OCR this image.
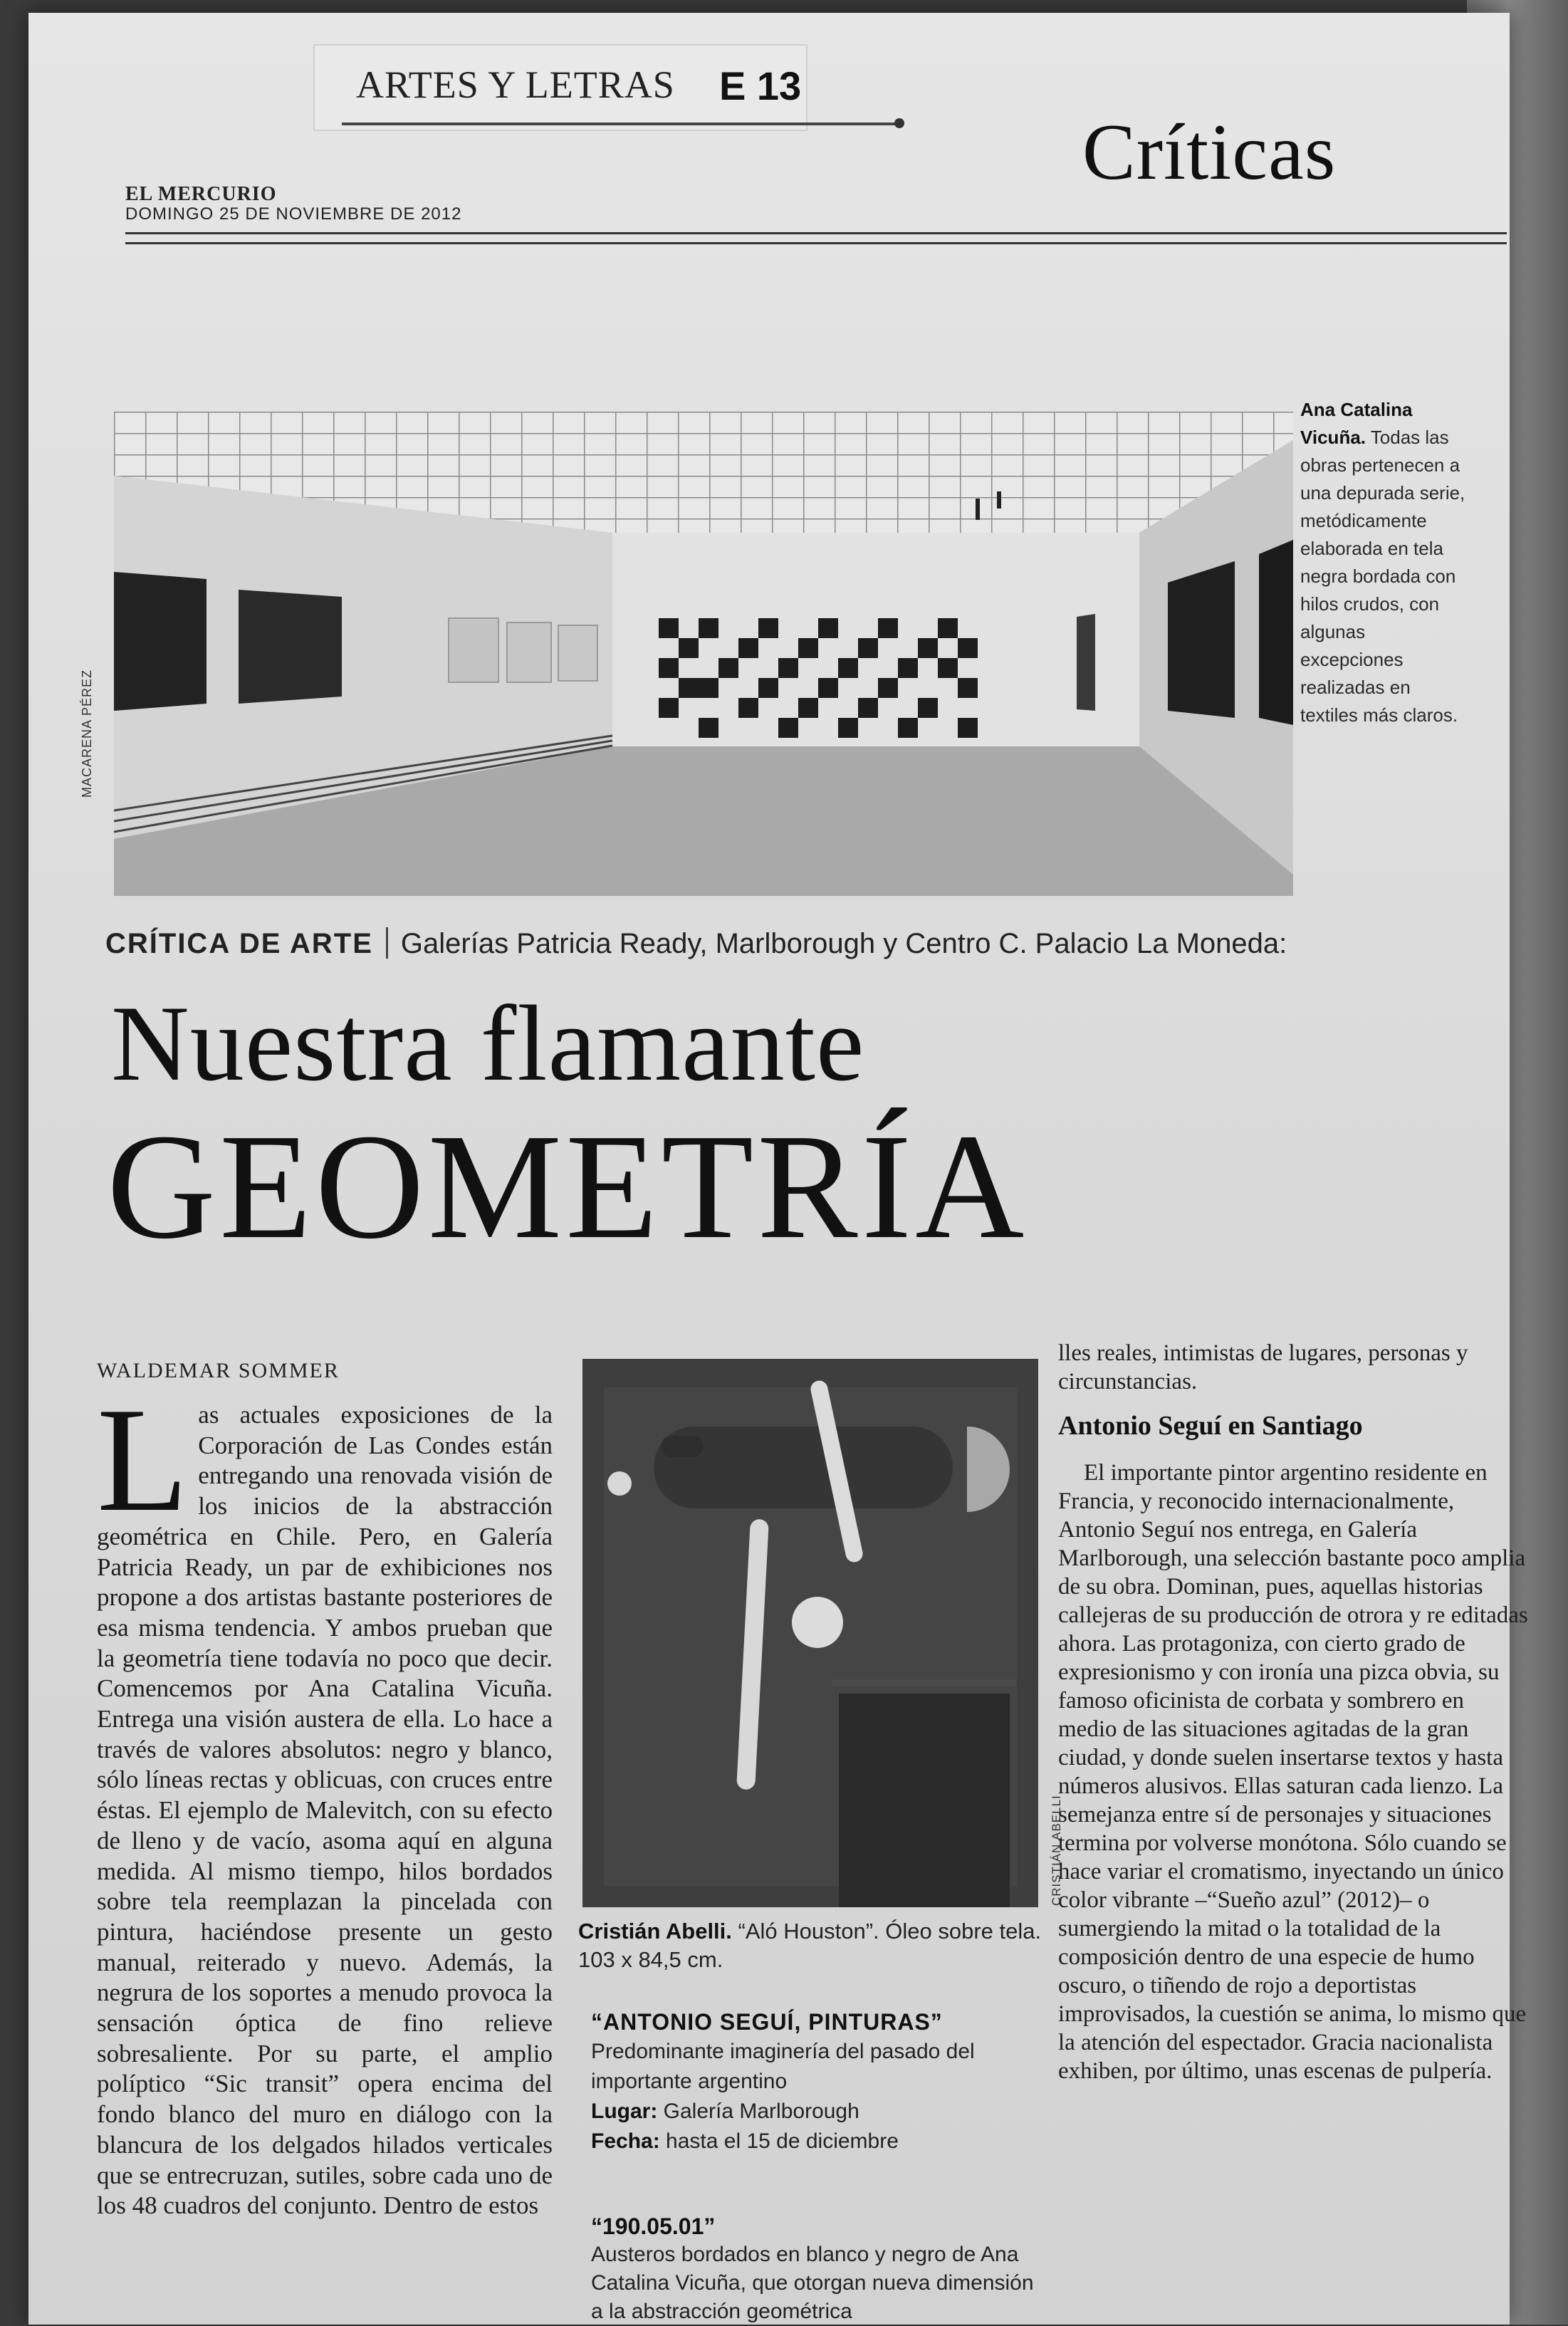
ARTES Y LETRAS E 13
Críticas
EL MERCURIO
DOMINGO 25 DE NOVIEMBRE DE 2012
MACARENA PÉREZ
Ana Catalina Vicuña. Todas las obras pertenecen a una depurada serie, metódicamente elaborada en tela negra bordada con hilos crudos, con algunas excepciones realizadas en textiles más claros.
CRÍTICA DE ARTE Galerías Patricia Ready, Marlborough y Centro C. Palacio La Moneda:
Nuestra flamante
GEOMETRÍA
WALDEMAR SOMMER
Las actuales exposiciones de la Corporación de Las Condes están entregando una renovada visión de los inicios de la abstracción geométrica en Chile. Pero, en Galería Patricia Ready, un par de exhibiciones nos propone a dos artistas bastante posteriores de esa misma tendencia. Y ambos prueban que la geometría tiene todavía no poco que decir. Comencemos por Ana Catalina Vicuña. Entrega una visión austera de ella. Lo hace a través de valores absolutos: negro y blanco, sólo líneas rectas y oblicuas, con cruces entre éstas. El ejemplo de Malevitch, con su efecto de lleno y de vacío, asoma aquí en alguna medida. Al mismo tiempo, hilos bordados sobre tela reemplazan la pincelada con pintura, haciéndose presente un gesto manual, reiterado y nuevo. Además, la negrura de los soportes a menudo provoca la sensación óptica de fino relieve sobresaliente. Por su parte, el amplio políptico “Sic transit” opera encima del fondo blanco del muro en diálogo con la blancura de los delgados hilados verticales que se entrecruzan, sutiles, sobre cada uno de los 48 cuadros del conjunto. Dentro de estos
CRISTIÁN ABELLI
Cristián Abelli. “Aló Houston”. Óleo sobre tela. 103 x 84,5 cm.
“ANTONIO SEGUÍ, PINTURAS”
Predominante imaginería del pasado del importante argentino
Lugar: Galería Marlborough
Fecha: hasta el 15 de diciembre
“190.05.01”
Austeros bordados en blanco y negro de Ana Catalina Vicuña, que otorgan nueva dimensión a la abstracción geométrica

lles reales, intimistas de lugares, personas y circunstancias.

Antonio Seguí en Santiago

El importante pintor argentino residente en Francia, y reconocido internacionalmente, Antonio Seguí nos entrega, en Galería Marlborough, una selección bastante poco amplia de su obra. Dominan, pues, aquellas historias callejeras de su producción de otrora y re editadas ahora. Las protagoniza, con cierto grado de expresionismo y con ironía una pizca obvia, su famoso oficinista de corbata y sombrero en medio de las situaciones agitadas de la gran ciudad, y donde suelen insertarse textos y hasta números alusivos. Ellas saturan cada lienzo. La semejanza entre sí de personajes y situaciones termina por volverse monótona. Sólo cuando se hace variar el cromatismo, inyectando un único color vibrante –“Sueño azul” (2012)– o sumergiendo la mitad o la totalidad de la composición dentro de una especie de humo oscuro, o tiñendo de rojo a deportistas improvisados, la cuestión se anima, lo mismo que la atención del espectador. Gracia nacionalista exhiben, por último, unas escenas de pulpería.
